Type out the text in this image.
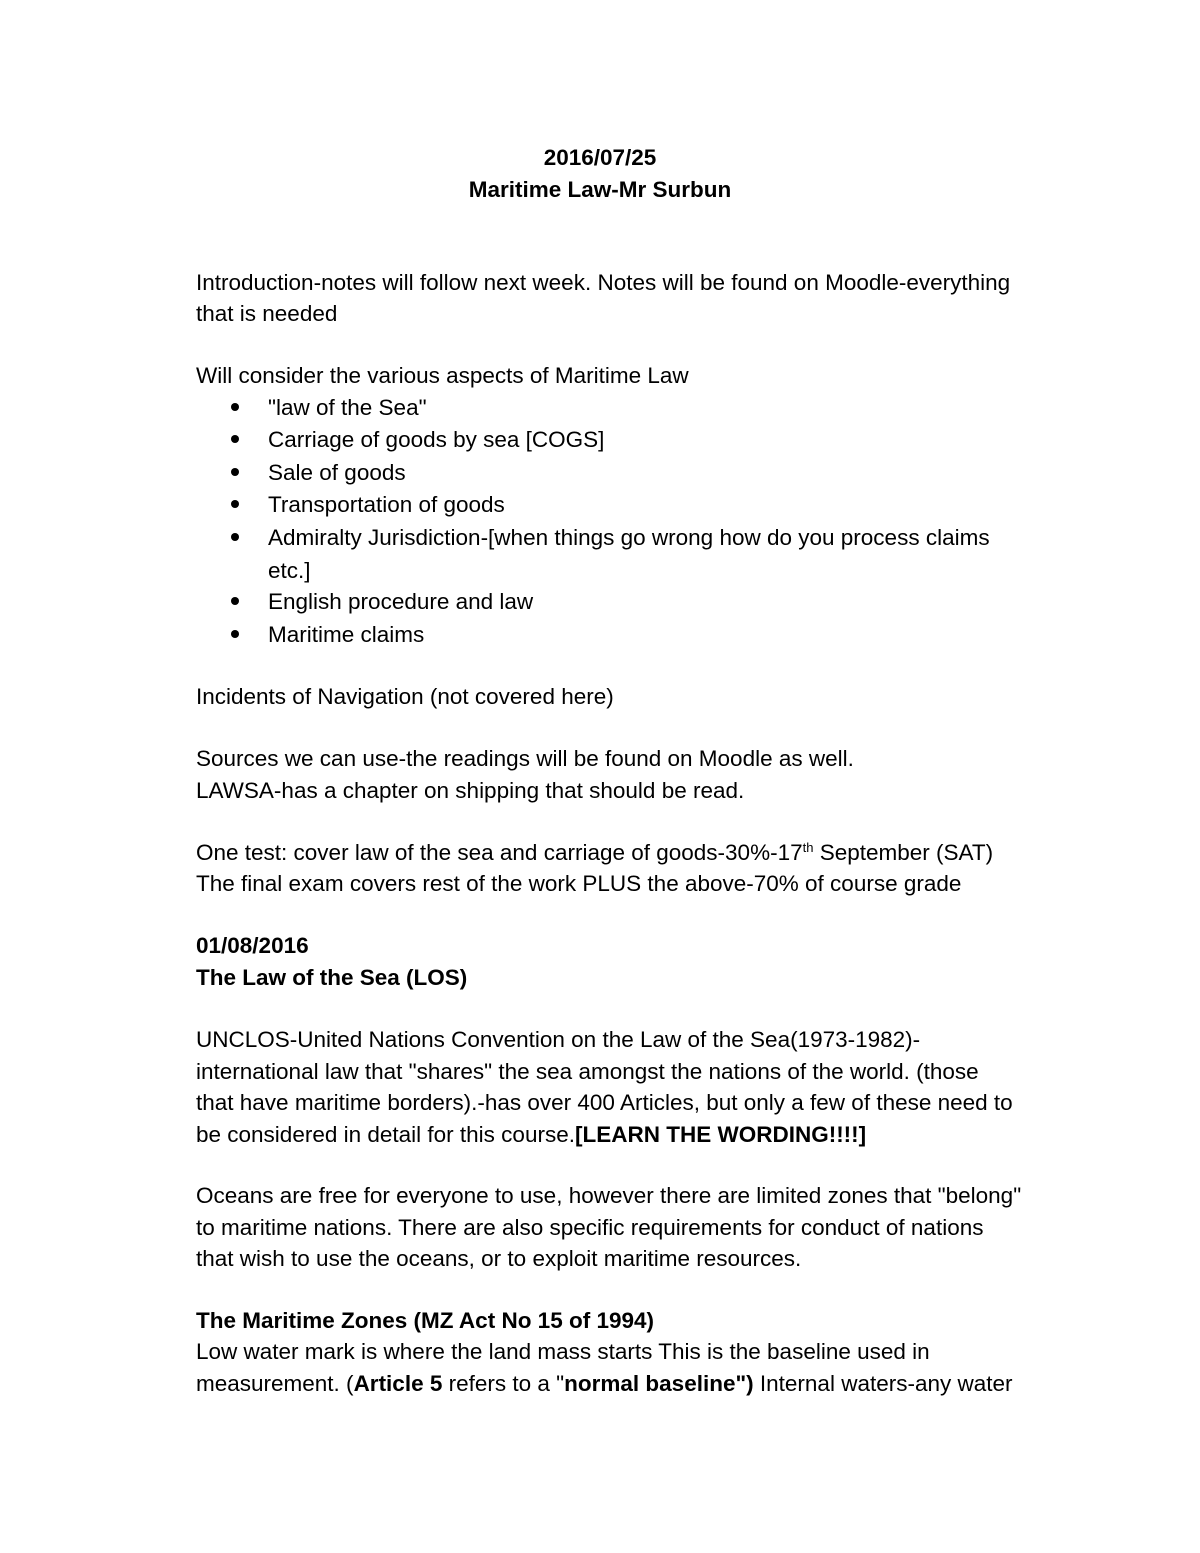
2016/07/25
Maritime Law-Mr Surbun
Introduction-notes will follow next week. Notes will be found on Moodle-everything
that is needed
Will consider the various aspects of Maritime Law
"law of the Sea"
Carriage of goods by sea [COGS]
Sale of goods
Transportation of goods
Admiralty Jurisdiction-[when things go wrong how do you process claims
etc.]
English procedure and law
Maritime claims
Incidents of Navigation (not covered here)
Sources we can use-the readings will be found on Moodle as well.
LAWSA-has a chapter on shipping that should be read.
One test: cover law of the sea and carriage of goods-30%-17th September (SAT)
The final exam covers rest of the work PLUS the above-70% of course grade
01/08/2016
The Law of the Sea (LOS)
UNCLOS-United Nations Convention on the Law of the Sea(1973-1982)-
international law that "shares" the sea amongst the nations of the world. (those
that have maritime borders).-has over 400 Articles, but only a few of these need to
be considered in detail for this course.[LEARN THE WORDING!!!!]
Oceans are free for everyone to use, however there are limited zones that "belong"
to maritime nations. There are also specific requirements for conduct of nations
that wish to use the oceans, or to exploit maritime resources.
The Maritime Zones (MZ Act No 15 of 1994)
Low water mark is where the land mass starts This is the baseline used in
measurement. (Article 5 refers to a "normal baseline") Internal waters-any water
